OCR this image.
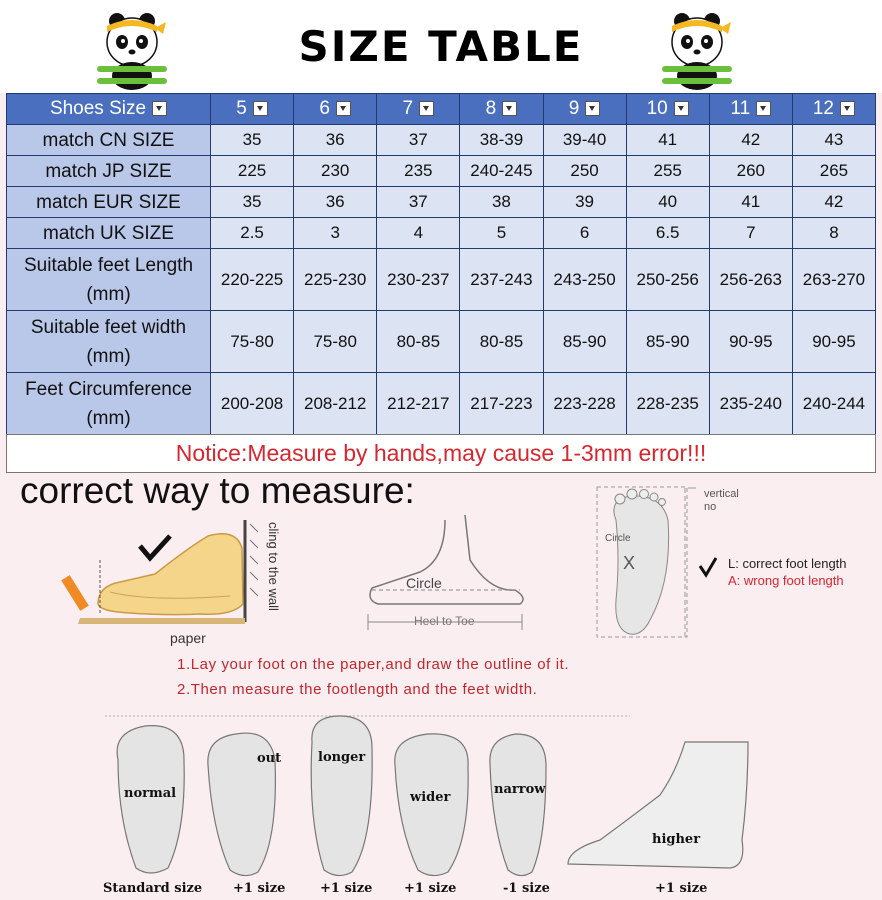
SIZE TABLE
Shoes Size	5	6	7	8	9	10	11	12
match CN SIZE	35	36	37	38-39	39-40	41	42	43
match JP SIZE	225	230	235	240-245	250	255	260	265
match EUR SIZE	35	36	37	38	39	40	41	42
match UK SIZE	2.5	3	4	5	6	6.5	7	8
Suitable feet Length
(mm)	220-225	225-230	230-237	237-243	243-250	250-256	256-263	263-270
Suitable feet width
(mm)	75-80	75-80	80-85	80-85	85-90	85-90	90-95	90-95
Feet Circumference
(mm)	200-208	208-212	212-217	217-223	223-228	228-235	235-240	240-244
Notice:Measure by hands,may cause 1-3mm error!!!
correct way to measure:
cling to the wall
paper
Circle
Heel to Toe
vertical
no
Circle
X	L: correct foot length
A: wrong foot length
1.Lay your foot on the paper,and draw the outline of it.
2.Then measure the footlength and the feet width.
normal
out	longer
wider
narrow
higher
Standard size +1 size	+1 size +1 size	-1 size	+1 size
